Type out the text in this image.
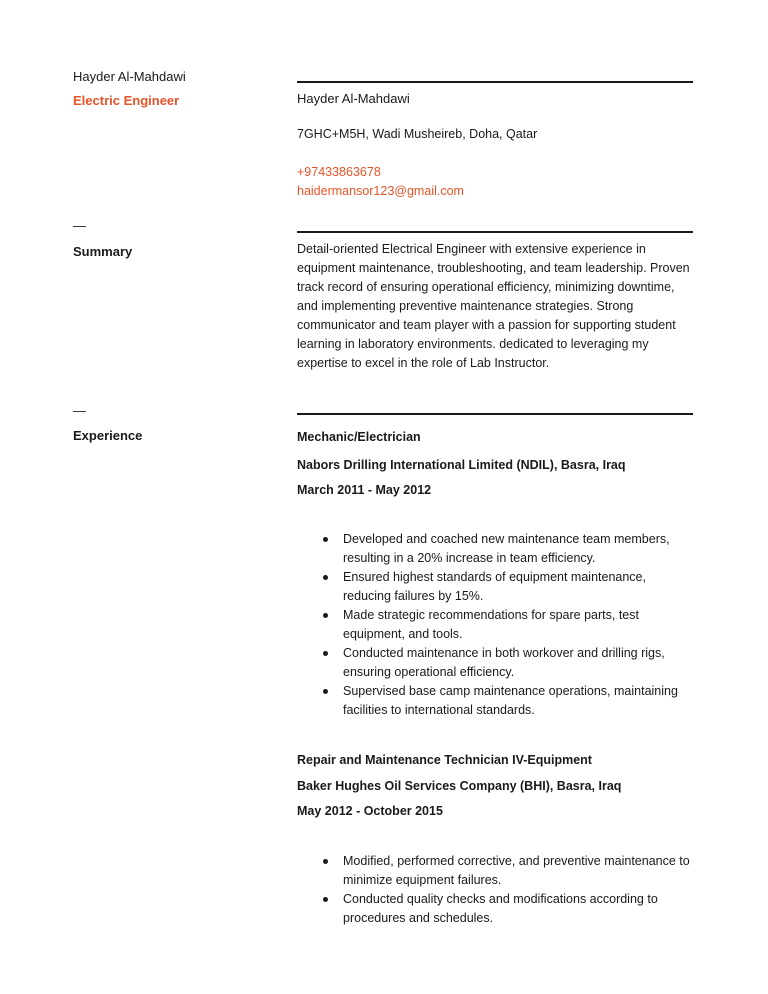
Hayder Al-Mahdawi
Electric Engineer	Hayder Al-Mahdawi
7GHC+M5H, Wadi Musheireb, Doha, Qatar
+97433863678
haidermansor123@gmail.com
—
Summary	Detail-oriented Electrical Engineer with extensive experience in equipment maintenance, troubleshooting, and team leadership. Proven track record of ensuring operational efficiency, minimizing downtime, and implementing preventive maintenance strategies. Strong communicator and team player with a passion for supporting student learning in laboratory environments. dedicated to leveraging my expertise to excel in the role of Lab Instructor.
—
Experience	Mechanic/Electrician
Nabors Drilling International Limited (NDIL), Basra, Iraq
March 2011 - May 2012
Developed and coached new maintenance team members, resulting in a 20% increase in team efficiency.
Ensured highest standards of equipment maintenance, reducing failures by 15%.
Made strategic recommendations for spare parts, test equipment, and tools.
Conducted maintenance in both workover and drilling rigs, ensuring operational efficiency.
Supervised base camp maintenance operations, maintaining facilities to international standards.
Repair and Maintenance Technician IV-Equipment
Baker Hughes Oil Services Company (BHI), Basra, Iraq
May 2012 - October 2015
Modified, performed corrective, and preventive maintenance to minimize equipment failures.
Conducted quality checks and modifications according to procedures and schedules.
